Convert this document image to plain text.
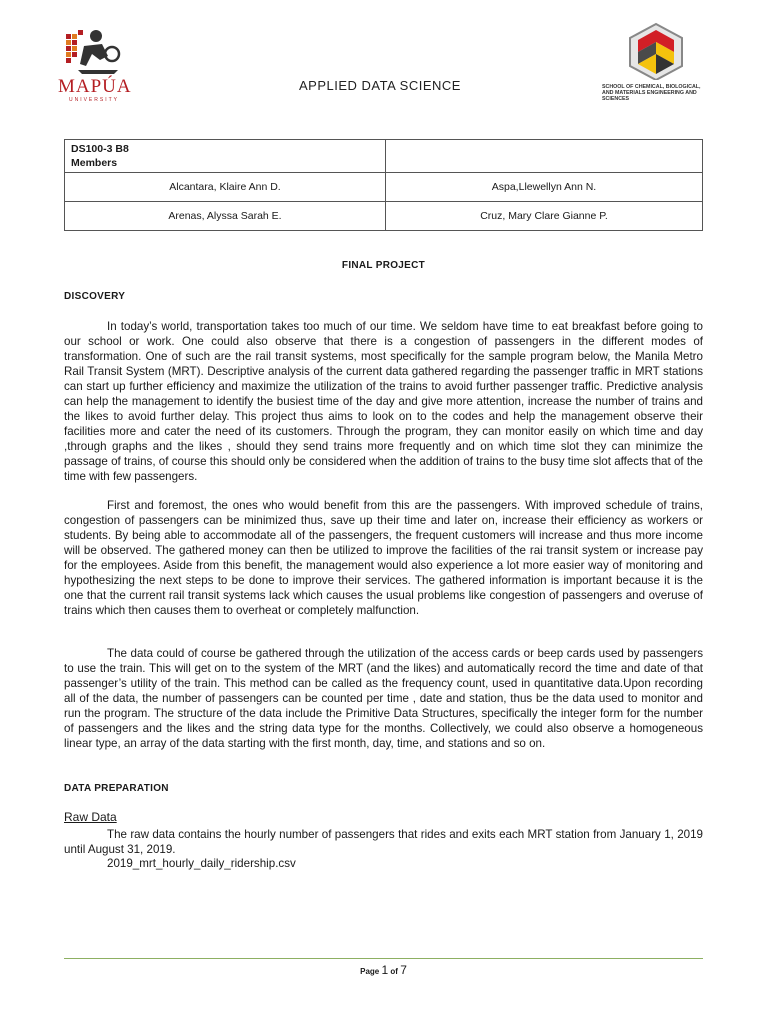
MAPÚA
UNIVERSITY
APPLIED DATA SCIENCE	SCHOOL OF CHEMICAL, BIOLOGICAL, AND MATERIALS ENGINEERING AND SCIENCES
DS100-3 B8
Members	

Alcantara, Klaire Ann D.	Aspa,Llewellyn Ann N.
Arenas, Alyssa Sarah E.	Cruz, Mary Clare Gianne P.
FINAL PROJECT
DISCOVERY
In today’s world, transportation takes too much of our time. We seldom have time to eat breakfast before going to our school or work. One could also observe that there is a congestion of passengers in the different modes of transformation. One of such are the rail transit systems, most specifically for the sample program below, the Manila Metro Rail Transit System (MRT). Descriptive analysis of the current data gathered regarding the passenger traffic in MRT stations can start up further efficiency and maximize the utilization of the trains to avoid further passenger traffic. Predictive analysis can help the management to identify the busiest time of the day and give more attention, increase the number of trains and the likes to avoid further delay. This project thus aims to look on to the codes and help the management observe their facilities more and cater the need of its customers. Through the program, they can monitor easily on which time and day ,through graphs and the likes , should they send trains more frequently and on which time slot they can minimize the passage of trains, of course this should only be considered when the addition of trains to the busy time slot affects that of the time with few passengers.
First and foremost, the ones who would benefit from this are the passengers. With improved schedule of trains, congestion of passengers can be minimized thus, save up their time and later on, increase their efficiency as workers or students. By being able to accommodate all of the passengers, the frequent customers will increase and thus more income will be observed. The gathered money can then be utilized to improve the facilities of the rai transit system or increase pay for the employees. Aside from this benefit, the management would also experience a lot more easier way of monitoring and hypothesizing the next steps to be done to improve their services. The gathered information is important because it is the one that the current rail transit systems lack which causes the usual problems like congestion of passengers and overuse of trains which then causes them to overheat or completely malfunction.
The data could of course be gathered through the utilization of the access cards or beep cards used by passengers to use the train. This will get on to the system of the MRT (and the likes) and automatically record the time and date of that passenger’s utility of the train. This method can be called as the frequency count, used in quantitative data.Upon recording all of the data, the number of passengers can be counted per time , date and station, thus be the data used to monitor and run the program. The structure of the data include the Primitive Data Structures, specifically the integer form for the number of passengers and the likes and the string data type for the months. Collectively, we could also observe a homogeneous linear type, an array of the data starting with the first month, day, time, and stations and so on.
DATA PREPARATION
Raw Data
The raw data contains the hourly number of passengers that rides and exits each MRT station from January 1, 2019 until August 31, 2019.
2019_mrt_hourly_daily_ridership.csv
Page 1 of 7
